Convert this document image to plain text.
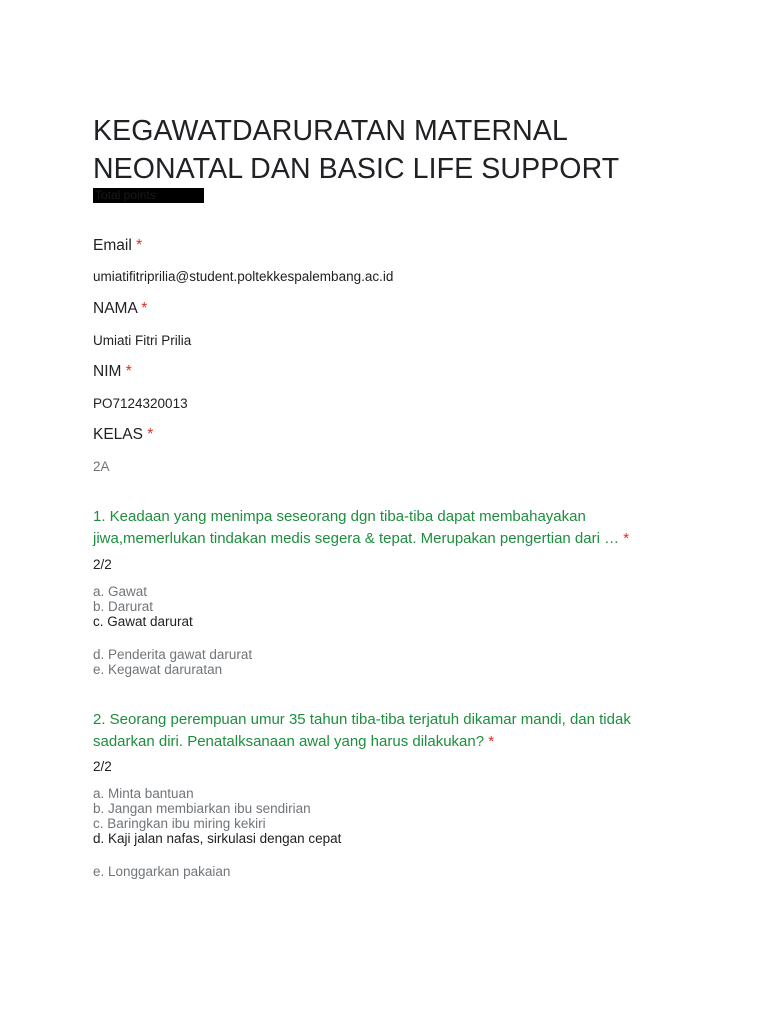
KEGAWATDARURATAN MATERNAL
NEONATAL DAN BASIC LIFE SUPPORT
Total points
Email *
umiatifitriprilia@student.poltekkespalembang.ac.id
NAMA *
Umiati Fitri Prilia
NIM *
PO7124320013
KELAS *
2A
1. Keadaan yang menimpa seseorang dgn tiba-tiba dapat membahayakan jiwa,memerlukan tindakan medis segera & tepat. Merupakan pengertian dari … *
2/2
a. Gawat
b. Darurat
c. Gawat darurat
d. Penderita gawat darurat
e. Kegawat daruratan
2. Seorang perempuan umur 35 tahun tiba-tiba terjatuh dikamar mandi, dan tidak sadarkan diri. Penatalksanaan awal yang harus dilakukan? *
2/2
a. Minta bantuan
b. Jangan membiarkan ibu sendirian
c. Baringkan ibu miring kekiri
d. Kaji jalan nafas, sirkulasi dengan cepat
e. Longgarkan pakaian
